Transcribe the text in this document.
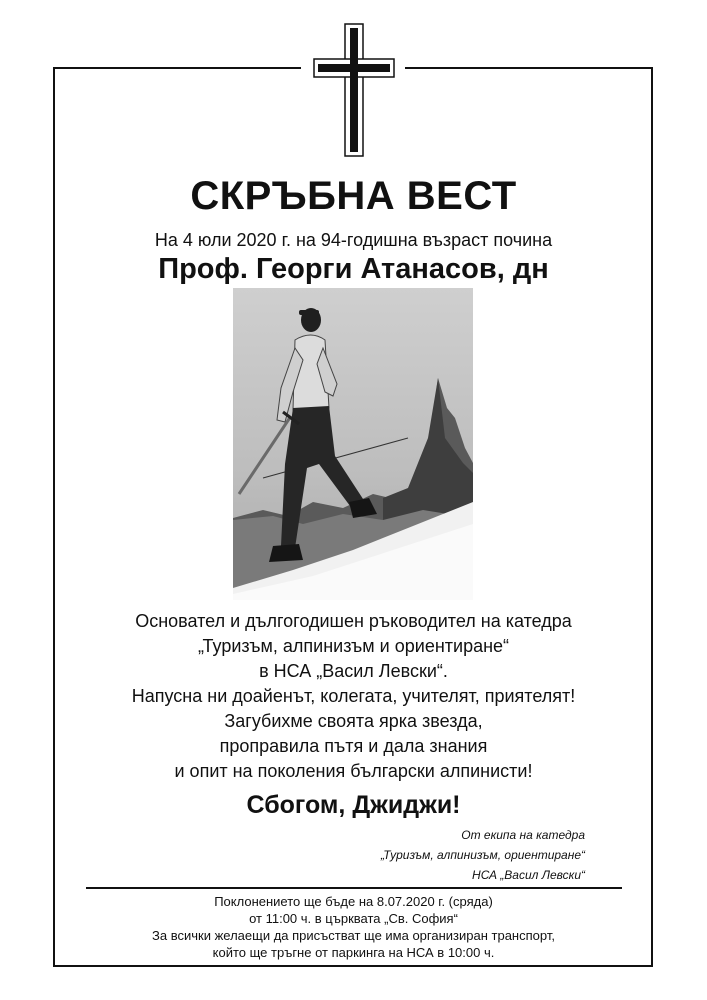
СКРЪБНА ВЕСТ
На 4 юли 2020 г. на 94-годишна възраст почина
Проф. Георги Атанасов, дн
Основател и дългогодишен ръководител на катедра
„Туризъм, алпинизъм и ориентиране“
в НСА „Васил Левски“.
Напусна ни доайенът, колегата, учителят, приятелят!
Загубихме своята ярка звезда,
проправила пътя и дала знания
и опит на поколения български алпинисти!
Сбогом, Джиджи!
От екипа на катедра
„Туризъм, алпинизъм, ориентиране“
НСА „Васил Левски“
Поклонението ще бъде на 8.07.2020 г. (сряда)
от 11:00 ч. в църквата „Св. София“
За всички желаещи да присъстват ще има организиран транспорт,
който ще тръгне от паркинга на НСА в 10:00 ч.
